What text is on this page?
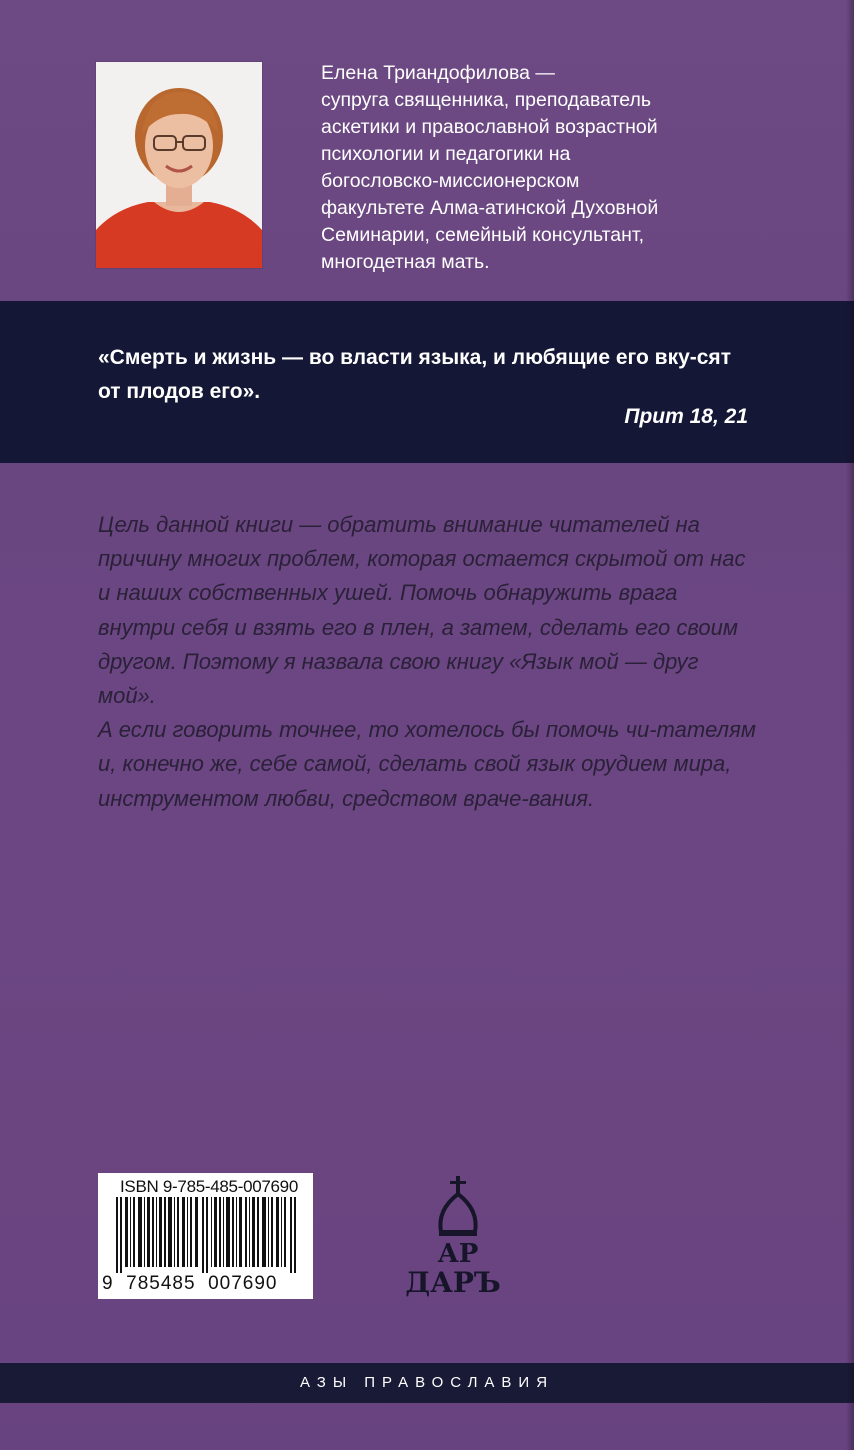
Елена Триандофилова —

супруга священника, преподаватель

аскетики и православной возрастной

психологии и педагогики на

богословско-миссионерском

факультете Алма-атинской Духовной

Семинарии, семейный консультант,

многодетная мать.

«Смерть и жизнь — во власти языка, и любящие его вку-сят от плодов его».
Прит 18, 21

Цель данной книги — обратить внимание читателей на причину многих проблем, которая остается скрытой от нас и наших собственных ушей. Помочь обнаружить врага внутри себя и взять его в плен, а затем, сделать его своим другом. Поэтому я назвала свою книгу «Язык мой — друг мой».

А если говорить точнее, то хотелось бы помочь чи-тателям и, конечно же, себе самой, сделать свой язык орудием мира, инструментом любви, средством враче-вания.

ISBN 9-785-485-007690
9  785485  007690
АР
ДАРЪ
АЗЫ ПРАВОСЛАВИЯ
